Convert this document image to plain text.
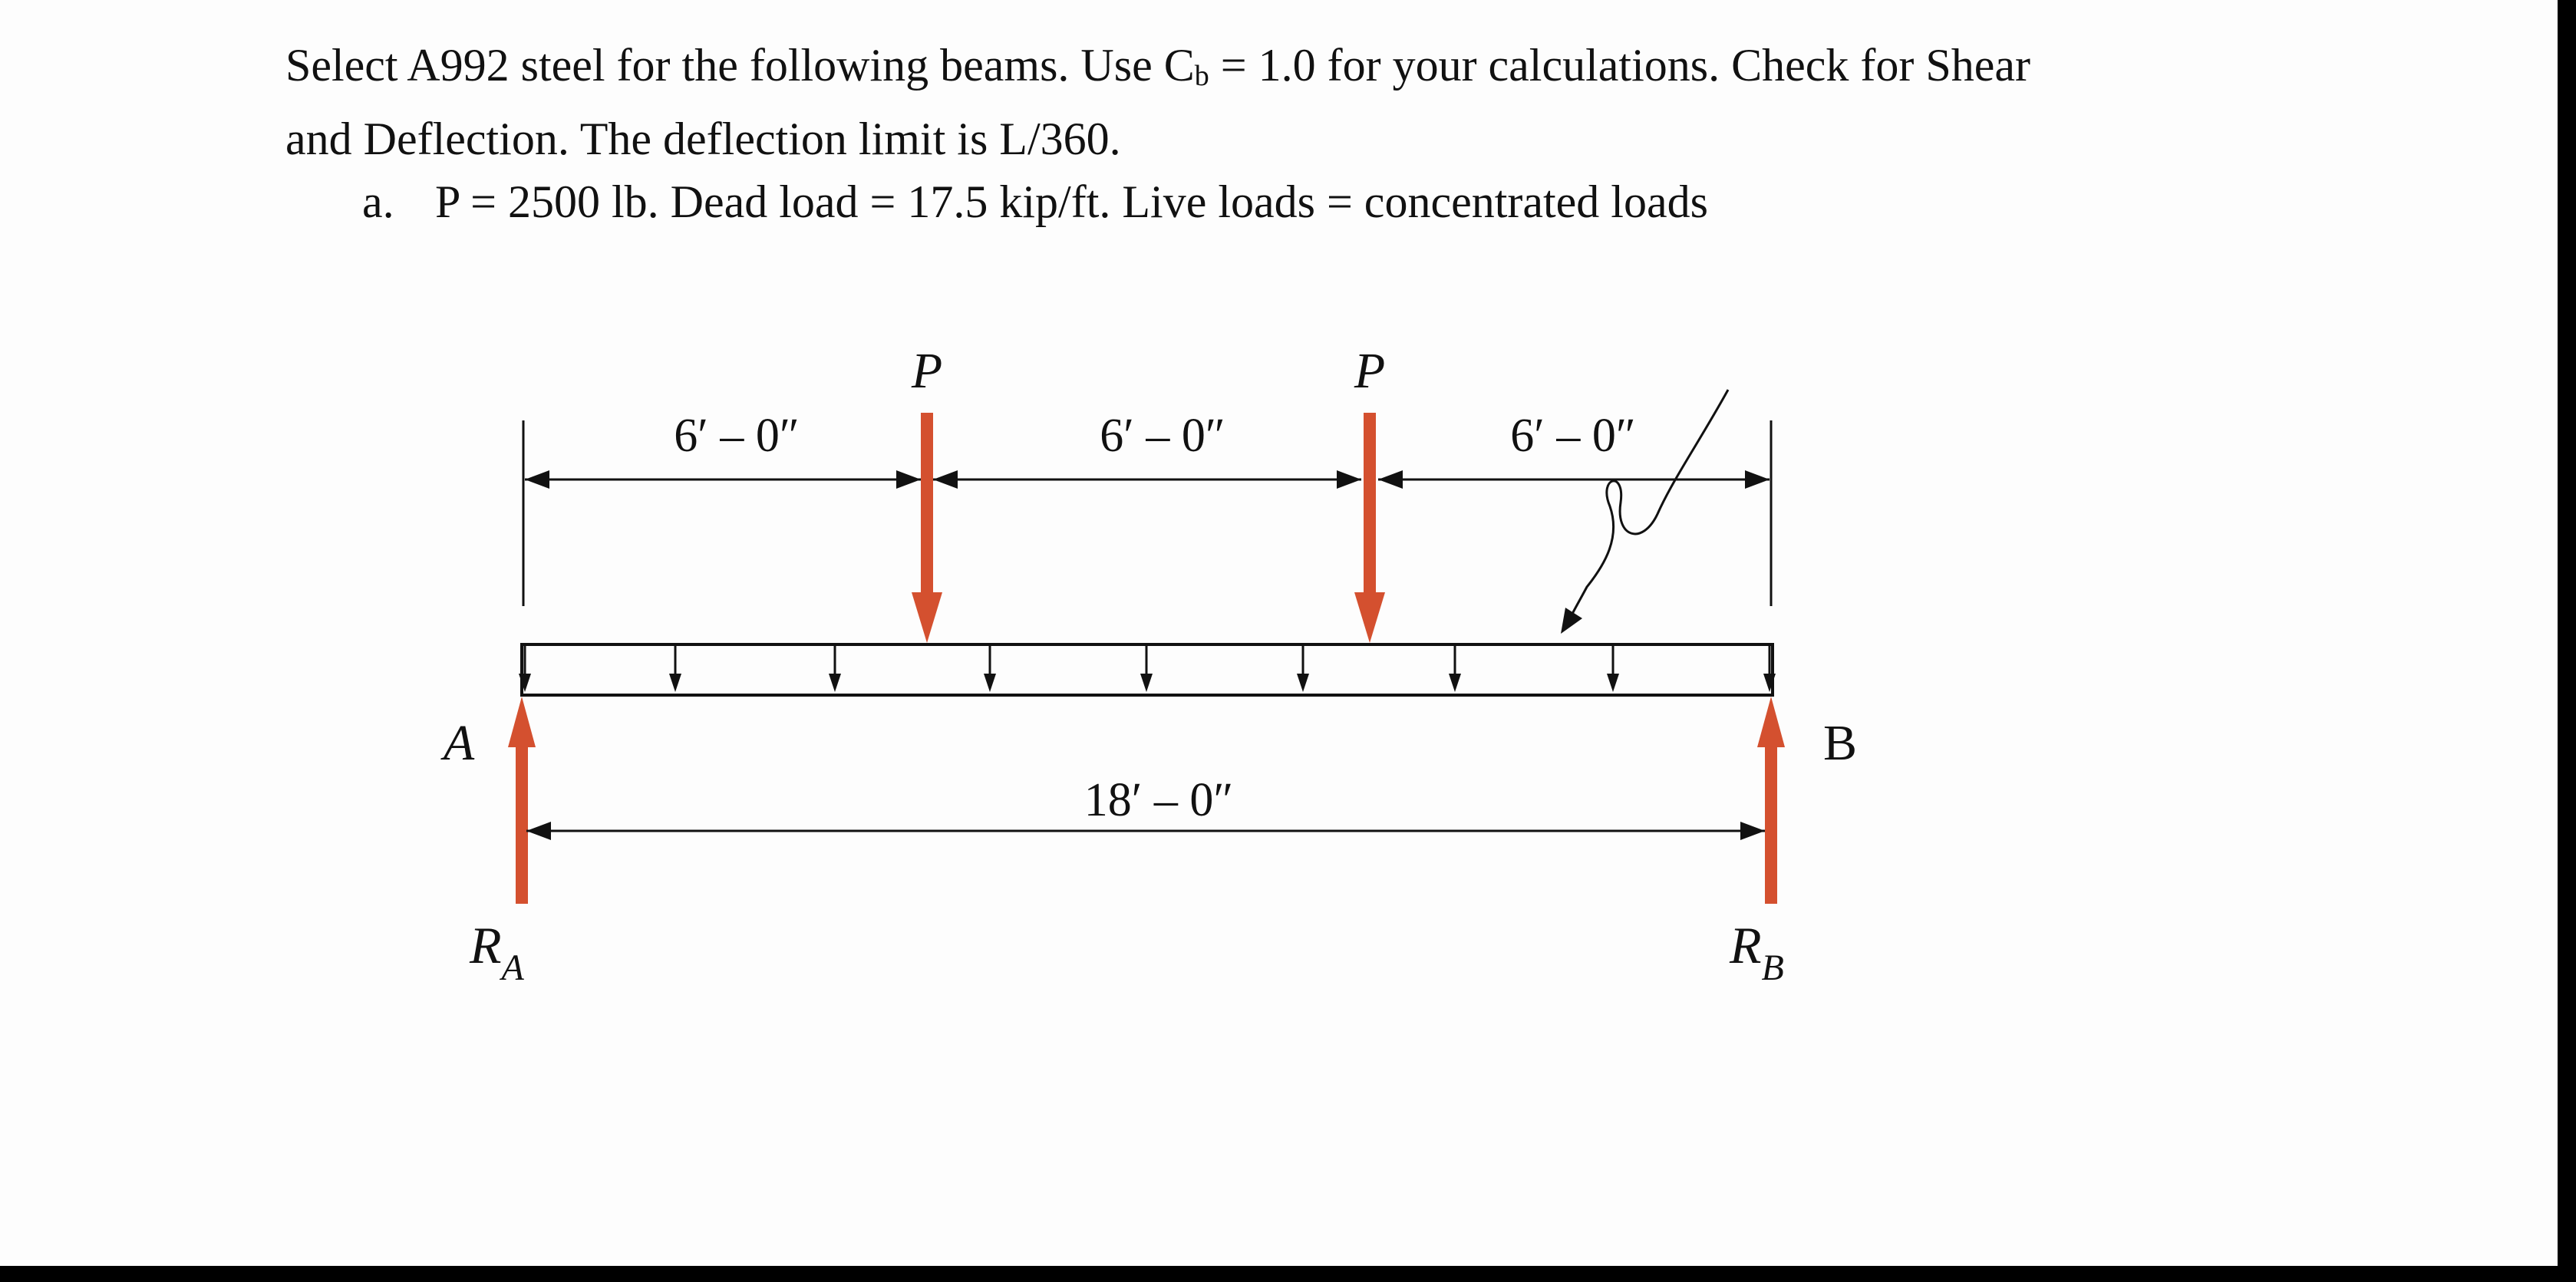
Select A992 steel for the following beams. Use $C_b = 1.0$ for your calculations. Check for Shear
and Deflection. The deflection limit is L/360.
a. P = 2500 lb. Dead load = 17.5 kip/ft. Live loads = concentrated loads
6′ – 0″	6′ – 0″	6′ – 0″
P	P
A	B
18′ – 0″
$R_A$	$R_B$
